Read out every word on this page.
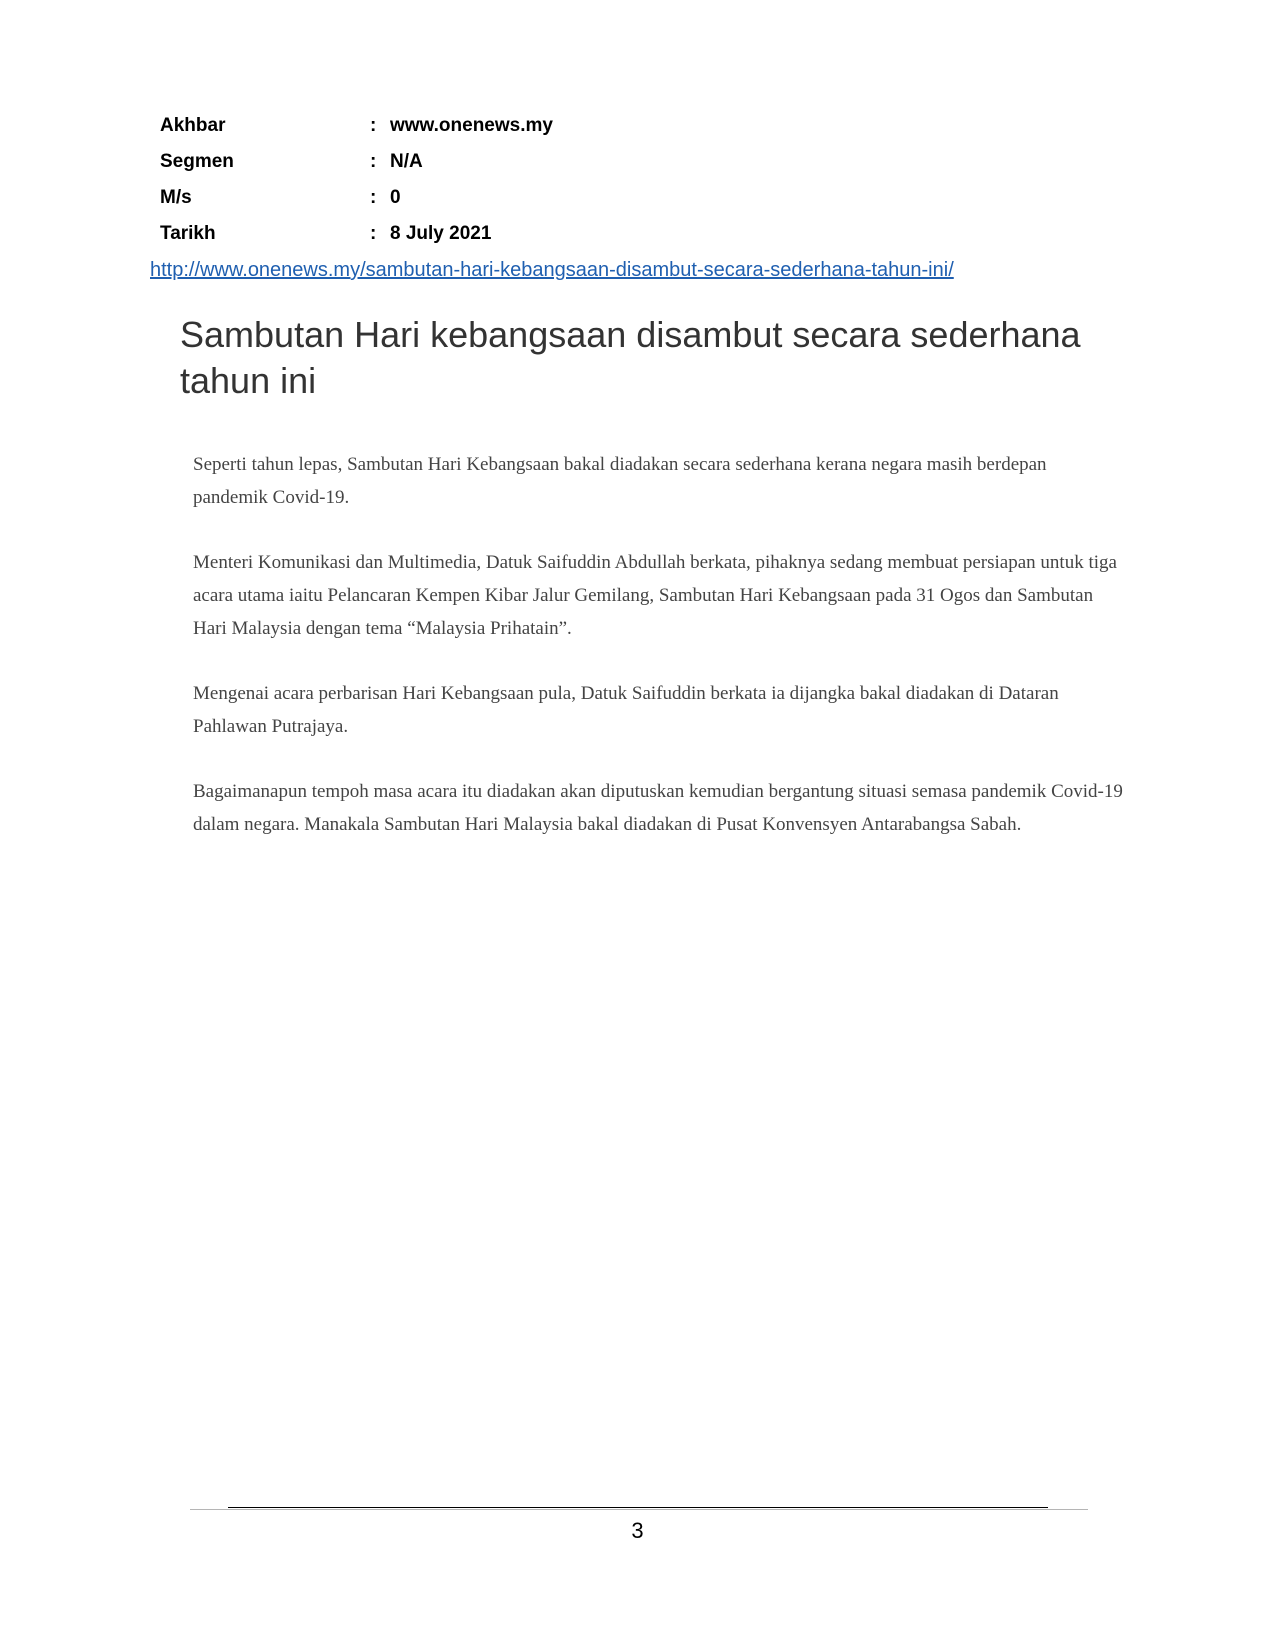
Akhbar	: www.onenews.my
Segmen	: N/A
M/s	: 0
Tarikh	: 8 July 2021
http://www.onenews.my/sambutan-hari-kebangsaan-disambut-secara-sederhana-tahun-ini/
Sambutan Hari kebangsaan disambut secara sederhana tahun ini

Seperti tahun lepas, Sambutan Hari Kebangsaan bakal diadakan secara sederhana kerana negara masih berdepan pandemik Covid-19.

Menteri Komunikasi dan Multimedia, Datuk Saifuddin Abdullah berkata, pihaknya sedang membuat persiapan untuk tiga acara utama iaitu Pelancaran Kempen Kibar Jalur Gemilang, Sambutan Hari Kebangsaan pada 31 Ogos dan Sambutan Hari Malaysia dengan tema “Malaysia Prihatain”.

Mengenai acara perbarisan Hari Kebangsaan pula, Datuk Saifuddin berkata ia dijangka bakal diadakan di Dataran Pahlawan Putrajaya.

Bagaimanapun tempoh masa acara itu diadakan akan diputuskan kemudian bergantung situasi semasa pandemik Covid-19 dalam negara. Manakala Sambutan Hari Malaysia bakal diadakan di Pusat Konvensyen Antarabangsa Sabah.

3
